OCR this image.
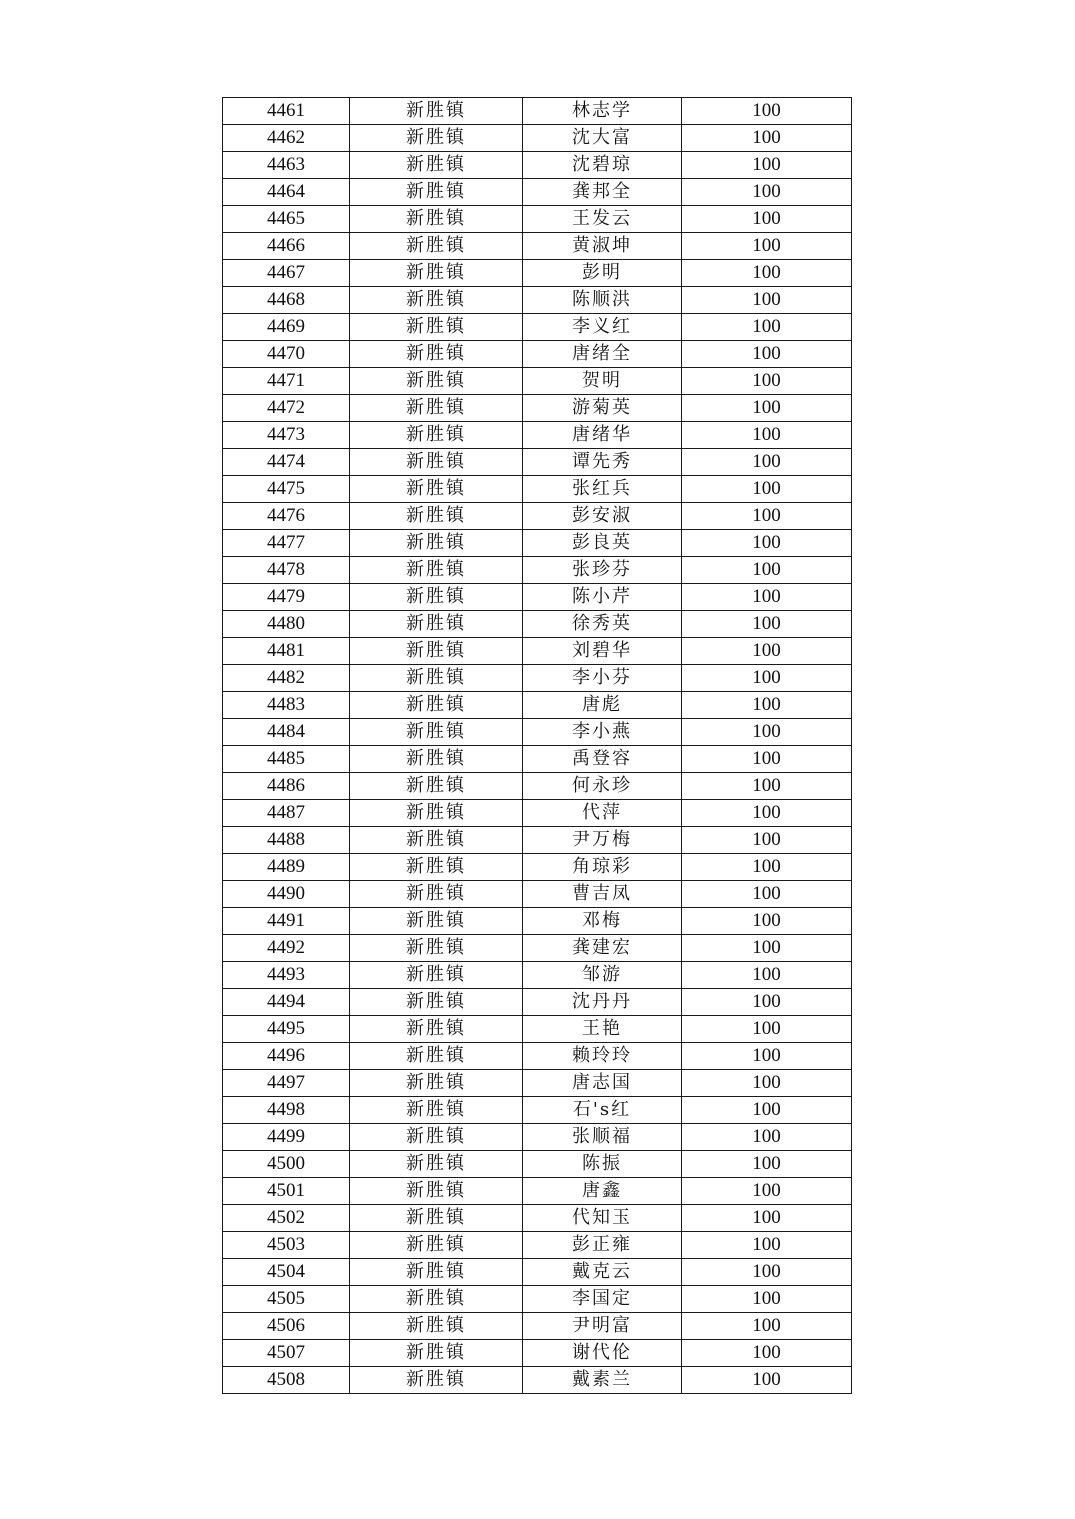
4461	新胜镇	林志学	100
4462	新胜镇	沈大富	100
4463	新胜镇	沈碧琼	100
4464	新胜镇	龚邦全	100
4465	新胜镇	王发云	100
4466	新胜镇	黄淑坤	100
4467	新胜镇	彭明	100
4468	新胜镇	陈顺洪	100
4469	新胜镇	李义红	100
4470	新胜镇	唐绪全	100
4471	新胜镇	贺明	100
4472	新胜镇	游菊英	100
4473	新胜镇	唐绪华	100
4474	新胜镇	谭先秀	100
4475	新胜镇	张红兵	100
4476	新胜镇	彭安淑	100
4477	新胜镇	彭良英	100
4478	新胜镇	张珍芬	100
4479	新胜镇	陈小芹	100
4480	新胜镇	徐秀英	100
4481	新胜镇	刘碧华	100
4482	新胜镇	李小芬	100
4483	新胜镇	唐彪	100
4484	新胜镇	李小燕	100
4485	新胜镇	禹登容	100
4486	新胜镇	何永珍	100
4487	新胜镇	代萍	100
4488	新胜镇	尹万梅	100
4489	新胜镇	角琼彩	100
4490	新胜镇	曹吉凤	100
4491	新胜镇	邓梅	100
4492	新胜镇	龚建宏	100
4493	新胜镇	邹游	100
4494	新胜镇	沈丹丹	100
4495	新胜镇	王艳	100
4496	新胜镇	赖玲玲	100
4497	新胜镇	唐志国	100
4498	新胜镇	石's红	100
4499	新胜镇	张顺福	100
4500	新胜镇	陈振	100
4501	新胜镇	唐鑫	100
4502	新胜镇	代知玉	100
4503	新胜镇	彭正雍	100
4504	新胜镇	戴克云	100
4505	新胜镇	李国定	100
4506	新胜镇	尹明富	100
4507	新胜镇	谢代伦	100
4508	新胜镇	戴素兰	100
